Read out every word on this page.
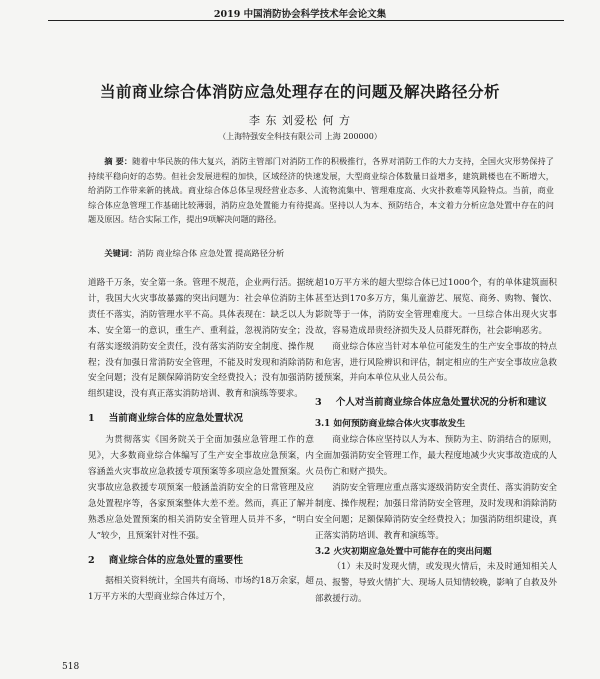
2019 中国消防协会科学技术年会论文集
当前商业综合体消防应急处理存在的问题及解决路径分析
李 东 刘爱松 何 方
（上海特强安全科技有限公司 上海 200000）
摘 要：随着中华民族的伟大复兴，消防主管部门对消防工作的积极推行，各界对消防工作的大力支持，全国火灾形势保持了持续平稳向好的态势。但社会发展进程的加快，区域经济的快速发展，大型商业综合体数量日益增多，建筑跳楼也在不断增大，给消防工作带来新的挑战。商业综合体总体呈现经营业态多、人流物流集中、管理难度高、火灾扑救难等风险特点。当前，商业综合体应急管理工作基础比较薄弱，消防应急处置能力有待提高。坚持以人为本、预防结合，本文着力分析应急处置中存在的问题及原因。结合实际工作，提出9项解决问题的路径。
关键词：消防 商业综合体 应急处置 提高路径分析

道路千万条，安全第一条。管理不规范，企业两行活。据统计，我国大火灾事故暴露的突出问题为：社会单位消防主体责任不落实，消防管理水平不高。具体表现在：缺乏以人为本、安全第一的意识，重生产、重利益，忽视消防安全；没有落实逐级消防安全责任，没有落实消防安全制度、操作规程；没有加强日常消防安全管理，不能及时发现和消除消防安全问题；没有足额保障消防安全经费投入；没有加强消防组织建设，没有真正落实消防培训、教育和演练等要求。

1 当前商业综合体的应急处置状况

为贯彻落实《国务院关于全面加强应急管理工作的意见》，大多数商业综合体编写了生产安全事故应急预案，内容涵盖火灾事故应急救援专项预案等多项应急处置预案。火灾事故应急救援专项预案一般涵盖消防安全的日常管理及应急处置程序等，各家预案整体大差不差。然而，真正了解并熟悉应急处置预案的相关消防安全管理人员并不多，“明白人”较少，且预案针对性不强。

2 商业综合体的应急处置的重要性

据相关资料统计，全国共有商场、市场约18万余家，超1万平方米的大型商业综合体过万个，

超10万平方米的超大型综合体已过1000个，有的单体建筑面积甚至达到170多万方，集儿童游艺、展览、商务、购物、餐饮、影院等于一体，消防安全管理难度大。一旦综合体出现火灾事故，容易造成昂贵经济损失及人员群死群伤，社会影响恶劣。

商业综合体应当针对本单位可能发生的生产安全事故的特点和危害，进行风险辨识和评估，制定相应的生产安全事故应急救援预案，并向本单位从业人员公布。

3 个人对当前商业综合体应急处置状况的分析和建议
3.1 如何预防商业综合体火灾事故发生

商业综合体应坚持以人为本、预防为主、防消结合的原则，全面加强消防安全管理工作，最大程度地减少火灾事故造成的人员伤亡和财产损失。

消防安全管理应重点落实逐级消防安全责任、落实消防安全制度、操作规程；加强日常消防安全管理，及时发现和消除消防安全问题；足额保障消防安全经费投入；加强消防组织建设，真正落实消防培训、教育和演练等。

3.2 火灾初期应急处置中可能存在的突出问题

（1）未及时发现火情，或发现火情后，未及时通知相关人员、报警，导致火情扩大、现场人员知情较晚，影响了自救及外部救援行动。

518
